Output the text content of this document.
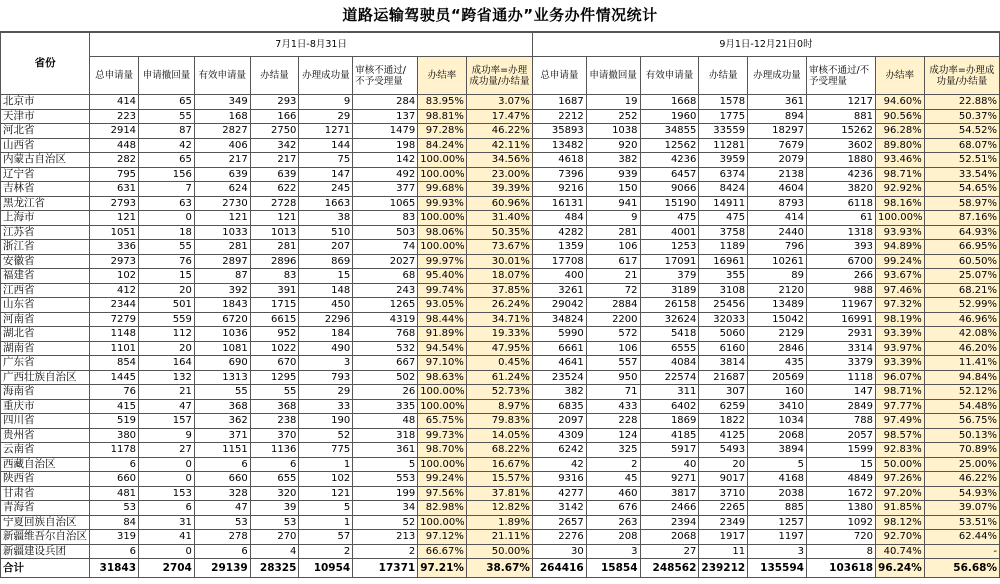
道路运输驾驶员“跨省通办”业务办件情况统计
省份	7月1日-8月31日								9月1日-12月21日0时							
	总申请量	申请撤回量	有效申请量	办结量	办理成功量	审核不通过/不予受理量	办结率	成功率=办理成功量/办结量	总申请量	申请撤回量	有效申请量	办结量	办理成功量	审核不通过/不予受理量	办结率	成功率=办理成功量/办结量
北京市	414	65	349	293	9	284	83.95%	3.07%	1687	19	1668	1578	361	1217	94.60%	22.88%
天津市	223	55	168	166	29	137	98.81%	17.47%	2212	252	1960	1775	894	881	90.56%	50.37%
河北省	2914	87	2827	2750	1271	1479	97.28%	46.22%	35893	1038	34855	33559	18297	15262	96.28%	54.52%
山西省	448	42	406	342	144	198	84.24%	42.11%	13482	920	12562	11281	7679	3602	89.80%	68.07%
内蒙古自治区	282	65	217	217	75	142	100.00%	34.56%	4618	382	4236	3959	2079	1880	93.46%	52.51%
辽宁省	795	156	639	639	147	492	100.00%	23.00%	7396	939	6457	6374	2138	4236	98.71%	33.54%
吉林省	631	7	624	622	245	377	99.68%	39.39%	9216	150	9066	8424	4604	3820	92.92%	54.65%
黑龙江省	2793	63	2730	2728	1663	1065	99.93%	60.96%	16131	941	15190	14911	8793	6118	98.16%	58.97%
上海市	121	0	121	121	38	83	100.00%	31.40%	484	9	475	475	414	61	100.00%	87.16%
江苏省	1051	18	1033	1013	510	503	98.06%	50.35%	4282	281	4001	3758	2440	1318	93.93%	64.93%
浙江省	336	55	281	281	207	74	100.00%	73.67%	1359	106	1253	1189	796	393	94.89%	66.95%
安徽省	2973	76	2897	2896	869	2027	99.97%	30.01%	17708	617	17091	16961	10261	6700	99.24%	60.50%
福建省	102	15	87	83	15	68	95.40%	18.07%	400	21	379	355	89	266	93.67%	25.07%
江西省	412	20	392	391	148	243	99.74%	37.85%	3261	72	3189	3108	2120	988	97.46%	68.21%
山东省	2344	501	1843	1715	450	1265	93.05%	26.24%	29042	2884	26158	25456	13489	11967	97.32%	52.99%
河南省	7279	559	6720	6615	2296	4319	98.44%	34.71%	34824	2200	32624	32033	15042	16991	98.19%	46.96%
湖北省	1148	112	1036	952	184	768	91.89%	19.33%	5990	572	5418	5060	2129	2931	93.39%	42.08%
湖南省	1101	20	1081	1022	490	532	94.54%	47.95%	6661	106	6555	6160	2846	3314	93.97%	46.20%
广东省	854	164	690	670	3	667	97.10%	0.45%	4641	557	4084	3814	435	3379	93.39%	11.41%
广西壮族自治区	1445	132	1313	1295	793	502	98.63%	61.24%	23524	950	22574	21687	20569	1118	96.07%	94.84%
海南省	76	21	55	55	29	26	100.00%	52.73%	382	71	311	307	160	147	98.71%	52.12%
重庆市	415	47	368	368	33	335	100.00%	8.97%	6835	433	6402	6259	3410	2849	97.77%	54.48%
四川省	519	157	362	238	190	48	65.75%	79.83%	2097	228	1869	1822	1034	788	97.49%	56.75%
贵州省	380	9	371	370	52	318	99.73%	14.05%	4309	124	4185	4125	2068	2057	98.57%	50.13%
云南省	1178	27	1151	1136	775	361	98.70%	68.22%	6242	325	5917	5493	3894	1599	92.83%	70.89%
西藏自治区	6	0	6	6	1	5	100.00%	16.67%	42	2	40	20	5	15	50.00%	25.00%
陕西省	660	0	660	655	102	553	99.24%	15.57%	9316	45	9271	9017	4168	4849	97.26%	46.22%
甘肃省	481	153	328	320	121	199	97.56%	37.81%	4277	460	3817	3710	2038	1672	97.20%	54.93%
青海省	53	6	47	39	5	34	82.98%	12.82%	3142	676	2466	2265	885	1380	91.85%	39.07%
宁夏回族自治区	84	31	53	53	1	52	100.00%	1.89%	2657	263	2394	2349	1257	1092	98.12%	53.51%
新疆维吾尔自治区	319	41	278	270	57	213	97.12%	21.11%	2276	208	2068	1917	1197	720	92.70%	62.44%
新疆建设兵团	6	0	6	4	2	2	66.67%	50.00%	30	3	27	11	3	8	40.74%	-
合计	31843	2704	29139	28325	10954	17371	97.21%	38.67%	264416	15854	248562	239212	135594	103618	96.24%	56.68%
